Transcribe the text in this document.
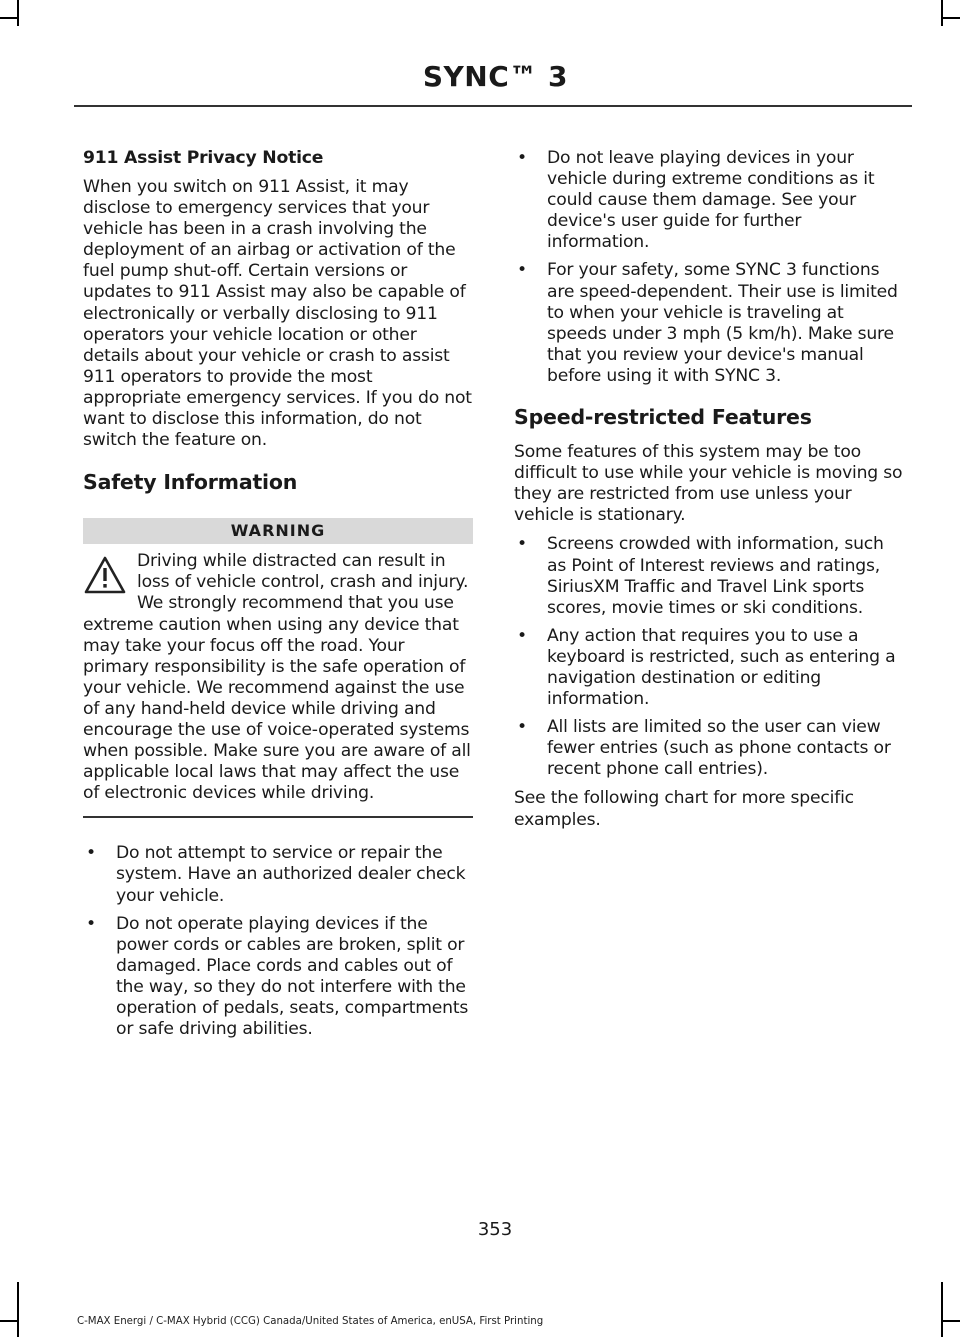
SYNC™ 3
911 Assist Privacy Notice

When you switch on 911 Assist, it may disclose to emergency services that your vehicle has been in a crash involving the deployment of an airbag or activation of the fuel pump shut-off. Certain versions or updates to 911 Assist may also be capable of electronically or verbally disclosing to 911 operators your vehicle location or other details about your vehicle or crash to assist 911 operators to provide the most appropriate emergency services. If you do not want to disclose this information, do not switch the feature on.

Safety Information
WARNING

Driving while distracted can result in loss of vehicle control, crash and injury. We strongly recommend that you use extreme caution when using any device that may take your focus off the road. Your primary responsibility is the safe operation of your vehicle. We recommend against the use of any hand-held device while driving and encourage the use of voice-operated systems when possible. Make sure you are aware of all applicable local laws that may affect the use of electronic devices while driving.

• Do not attempt to service or repair the system. Have an authorized dealer check your vehicle.
• Do not operate playing devices if the power cords or cables are broken, split or damaged. Place cords and cables out of the way, so they do not interfere with the operation of pedals, seats, compartments or safe driving abilities.
• Do not leave playing devices in your vehicle during extreme conditions as it could cause them damage. See your device's user guide for further information.
• For your safety, some SYNC 3 functions are speed-dependent. Their use is limited to when your vehicle is traveling at speeds under 3 mph (5 km/h). Make sure that you review your device's manual before using it with SYNC 3.
Speed-restricted Features

Some features of this system may be too difficult to use while your vehicle is moving so they are restricted from use unless your vehicle is stationary.

• Screens crowded with information, such as Point of Interest reviews and ratings, SiriusXM Traffic and Travel Link sports scores, movie times or ski conditions.
• Any action that requires you to use a keyboard is restricted, such as entering a navigation destination or editing information.
• All lists are limited so the user can view fewer entries (such as phone contacts or recent phone call entries).

See the following chart for more specific examples.

353
C-MAX Energi / C-MAX Hybrid (CCG) Canada/United States of America, enUSA, First Printing
